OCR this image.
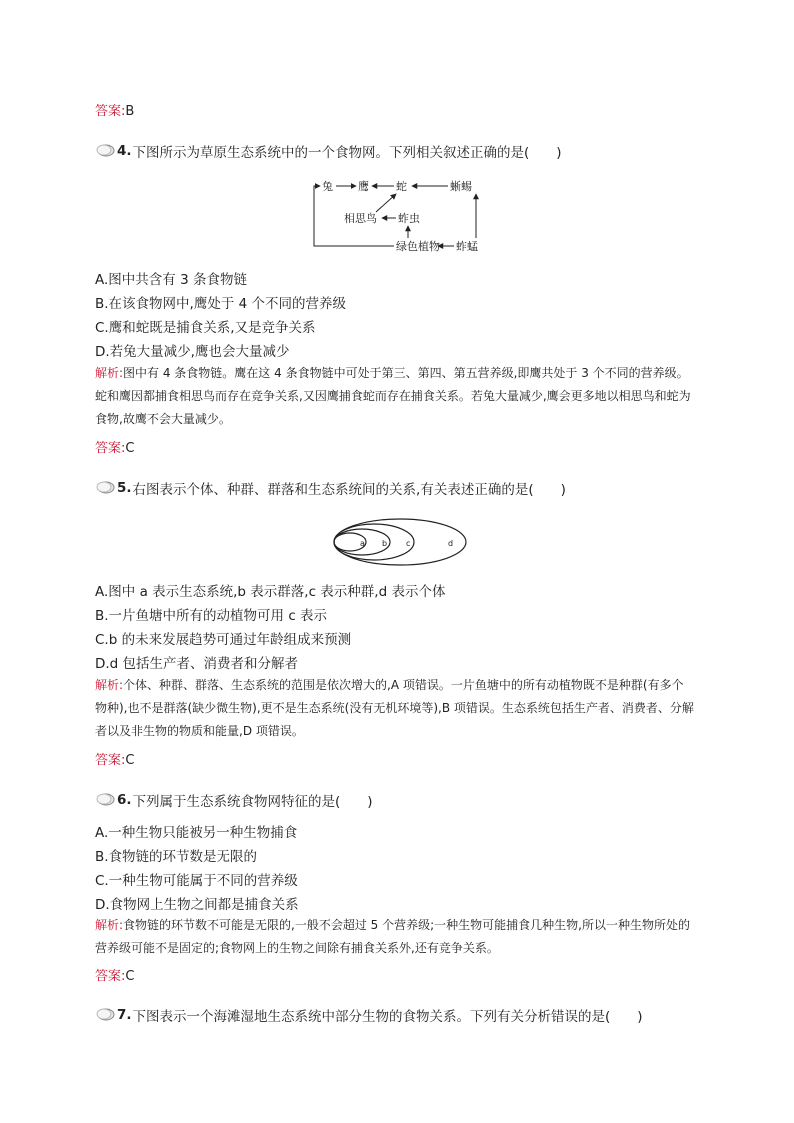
答案:B
4. 下图所示为草原生态系统中的一个食物网。下列相关叙述正确的是(　　)
兔 鹰 蛇	蜥蜴
相思鸟 蚱虫
绿色植物 蚱蜢
A.图中共含有 3 条食物链
B.在该食物网中,鹰处于 4 个不同的营养级
C.鹰和蛇既是捕食关系,又是竞争关系
D.若兔大量减少,鹰也会大量减少
解析:图中有 4 条食物链。鹰在这 4 条食物链中可处于第三、第四、第五营养级,即鹰共处于 3 个不同的营养级。蛇和鹰因都捕食相思鸟而存在竞争关系,又因鹰捕食蛇而存在捕食关系。若兔大量减少,鹰会更多地以相思鸟和蛇为食物,故鹰不会大量减少。
答案:C
5. 右图表示个体、种群、群落和生态系统间的关系,有关表述正确的是(　　)
a b c	d
A.图中 a 表示生态系统,b 表示群落,c 表示种群,d 表示个体
B.一片鱼塘中所有的动植物可用 c 表示
C.b 的未来发展趋势可通过年龄组成来预测
D.d 包括生产者、消费者和分解者
解析:个体、种群、群落、生态系统的范围是依次增大的,A 项错误。一片鱼塘中的所有动植物既不是种群(有多个物种),也不是群落(缺少微生物),更不是生态系统(没有无机环境等),B 项错误。生态系统包括生产者、消费者、分解者以及非生物的物质和能量,D 项错误。
答案:C
6. 下列属于生态系统食物网特征的是(　　)
A.一种生物只能被另一种生物捕食
B.食物链的环节数是无限的
C.一种生物可能属于不同的营养级
D.食物网上生物之间都是捕食关系
解析:食物链的环节数不可能是无限的,一般不会超过 5 个营养级;一种生物可能捕食几种生物,所以一种生物所处的营养级可能不是固定的;食物网上的生物之间除有捕食关系外,还有竞争关系。
答案:C
7. 下图表示一个海滩湿地生态系统中部分生物的食物关系。下列有关分析错误的是(　　)
